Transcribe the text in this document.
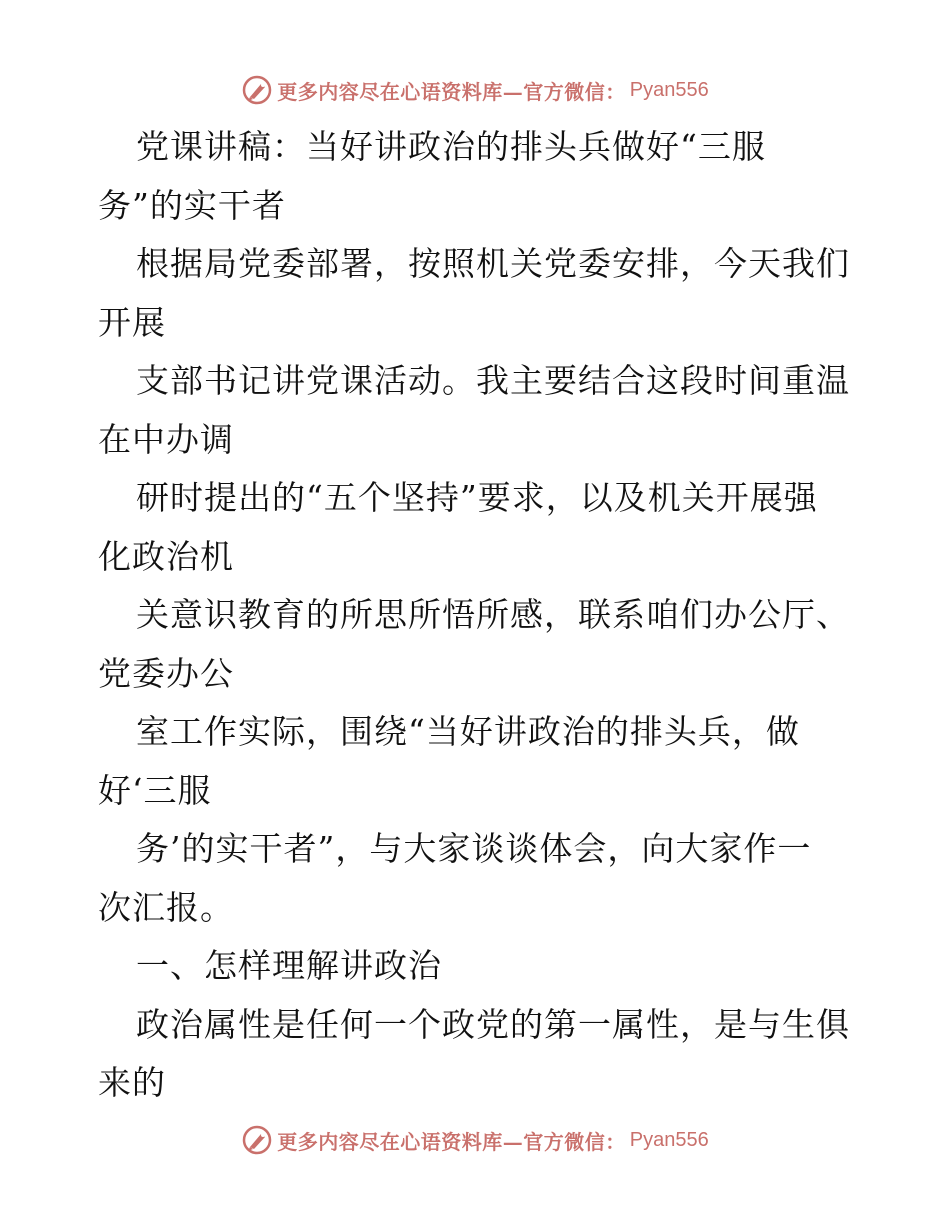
更多内容尽在心语资料库—官方微信： Pyan556
党课讲稿：当好讲政治的排头兵做好“三服
务”的实干者
根据局党委部署，按照机关党委安排，今天我们
开展
支部书记讲党课活动。我主要结合这段时间重温
在中办调
研时提出的“五个坚持”要求，以及机关开展强
化政治机
关意识教育的所思所悟所感，联系咱们办公厅、
党委办公
室工作实际，围绕“当好讲政治的排头兵，做
好‘三服
务’的实干者”，与大家谈谈体会，向大家作一
次汇报。
一、怎样理解讲政治
政治属性是任何一个政党的第一属性，是与生俱
来的
更多内容尽在心语资料库—官方微信： Pyan556
